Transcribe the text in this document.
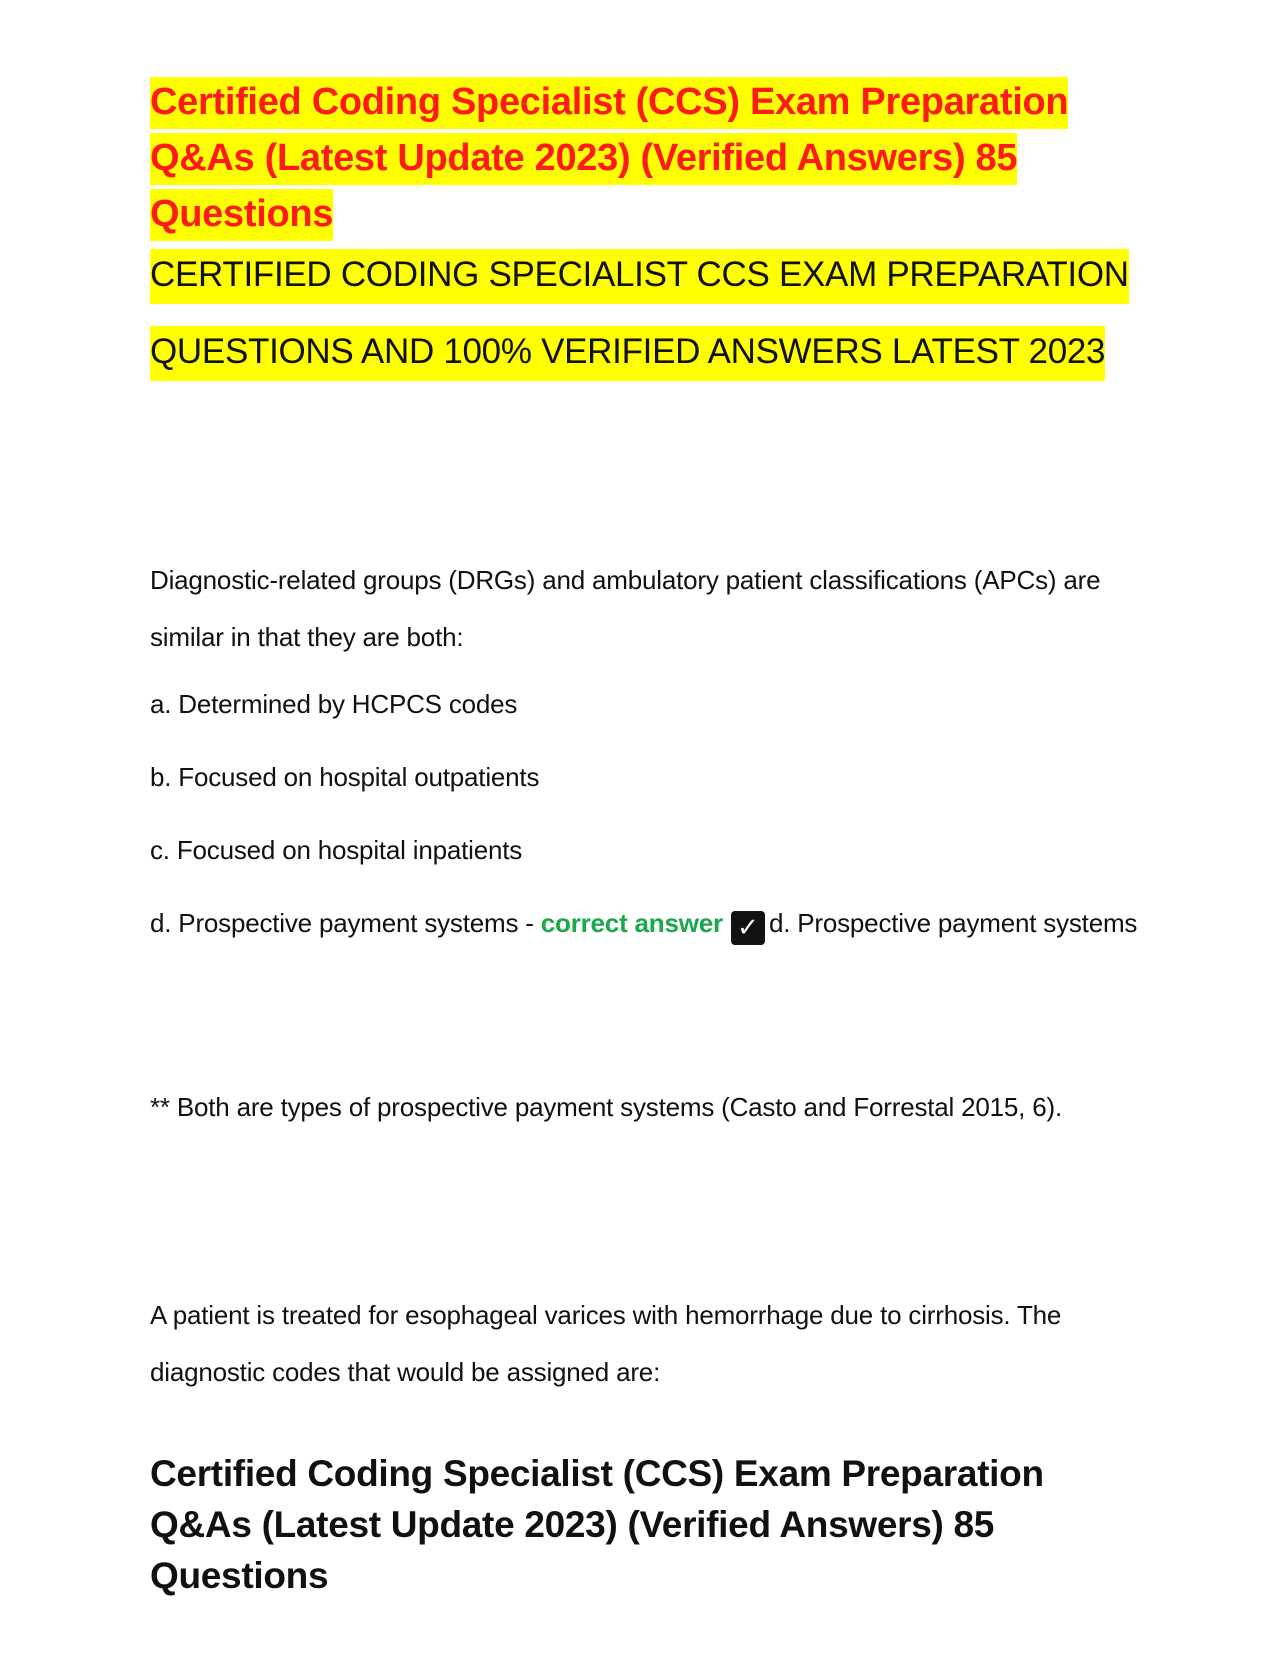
Certified Coding Specialist (CCS) Exam Preparation Q&As (Latest Update 2023) (Verified Answers) 85 Questions

CERTIFIED CODING SPECIALIST CCS EXAM PREPARATION
QUESTIONS AND 100% VERIFIED ANSWERS LATEST 2023

Diagnostic-related groups (DRGs) and ambulatory patient classifications (APCs) are similar in that they are both:

a. Determined by HCPCS codes

b. Focused on hospital outpatients

c. Focused on hospital inpatients

d. Prospective payment systems - correct answer ✓ d. Prospective payment systems

** Both are types of prospective payment systems (Casto and Forrestal 2015, 6).

A patient is treated for esophageal varices with hemorrhage due to cirrhosis. The diagnostic codes that would be assigned are:

Certified Coding Specialist (CCS) Exam Preparation Q&As (Latest Update 2023) (Verified Answers) 85 Questions
